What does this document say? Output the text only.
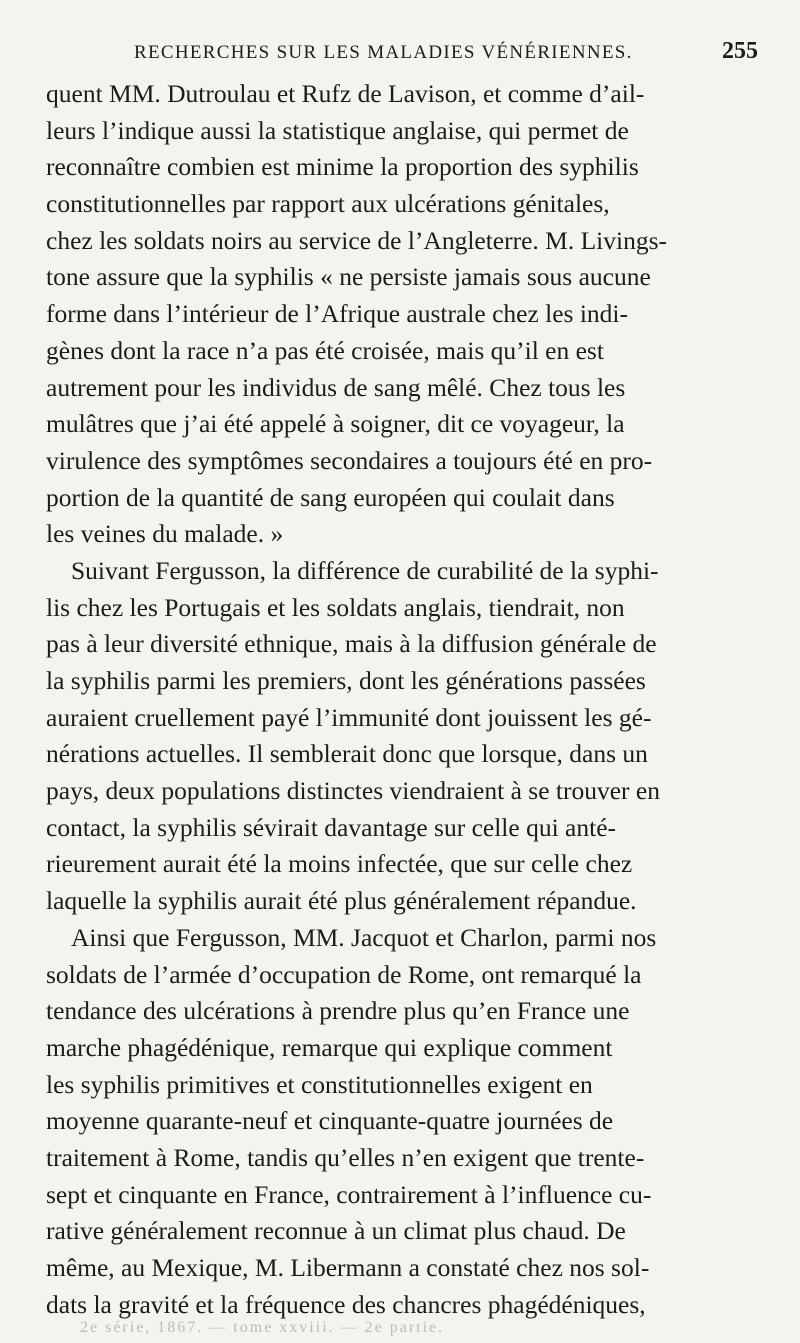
RECHERCHES SUR LES MALADIES VÉNÉRIENNES.	255
quent MM. Dutroulau et Rufz de Lavison, et comme d’ail-
leurs l’indique aussi la statistique anglaise, qui permet de
reconnaître combien est minime la proportion des syphilis
constitutionnelles par rapport aux ulcérations génitales,
chez les soldats noirs au service de l’Angleterre. M. Livings-
tone assure que la syphilis « ne persiste jamais sous aucune
forme dans l’intérieur de l’Afrique australe chez les indi-
gènes dont la race n’a pas été croisée, mais qu’il en est
autrement pour les individus de sang mêlé. Chez tous les
mulâtres que j’ai été appelé à soigner, dit ce voyageur, la
virulence des symptômes secondaires a toujours été en pro-
portion de la quantité de sang européen qui coulait dans
les veines du malade. »
Suivant Fergusson, la différence de curabilité de la syphi-
lis chez les Portugais et les soldats anglais, tiendrait, non
pas à leur diversité ethnique, mais à la diffusion générale de
la syphilis parmi les premiers, dont les générations passées
auraient cruellement payé l’immunité dont jouissent les gé-
nérations actuelles. Il semblerait donc que lorsque, dans un
pays, deux populations distinctes viendraient à se trouver en
contact, la syphilis sévirait davantage sur celle qui anté-
rieurement aurait été la moins infectée, que sur celle chez
laquelle la syphilis aurait été plus généralement répandue.
Ainsi que Fergusson, MM. Jacquot et Charlon, parmi nos
soldats de l’armée d’occupation de Rome, ont remarqué la
tendance des ulcérations à prendre plus qu’en France une
marche phagédénique, remarque qui explique comment
les syphilis primitives et constitutionnelles exigent en
moyenne quarante-neuf et cinquante-quatre journées de
traitement à Rome, tandis qu’elles n’en exigent que trente-
sept et cinquante en France, contrairement à l’influence cu-
rative généralement reconnue à un climat plus chaud. De
même, au Mexique, M. Libermann a constaté chez nos sol-
dats la gravité et la fréquence des chancres phagédéniques,
2e série, 1867. — tome xxviii. — 2e partie.
